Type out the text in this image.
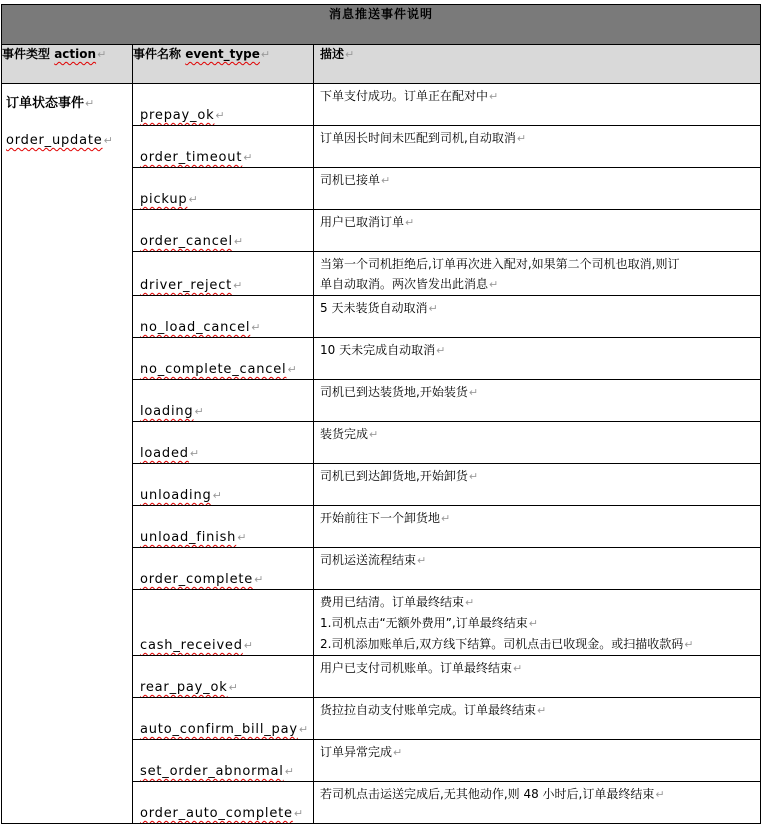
消息推送事件说明		
事件类型 action↵	事件名称 event_type↵	描述↵

订单状态事件↵
order_update↵	prepay_ok↵	下单支付成功。订单正在配对中↵

	order_timeout↵	订单因长时间未匹配到司机,自动取消↵

	pickup↵	司机已接单↵

	order_cancel↵	用户已取消订单↵

	driver_reject↵	当第一个司机拒绝后,订单再次进入配对,如果第二个司机也取消,则订
单自动取消。两次皆发出此消息↵

	no_load_cancel↵	5 天未装货自动取消↵

	no_complete_cancel↵	10 天未完成自动取消↵

	loading↵	司机已到达装货地,开始装货↵

	loaded↵	装货完成↵

	unloading↵	司机已到达卸货地,开始卸货↵

	unload_finish↵	开始前往下一个卸货地↵

	order_complete↵	司机运送流程结束↵

	cash_received↵	费用已结清。订单最终结束↵
1.司机点击“无额外费用”,订单最终结束↵
2.司机添加账单后,双方线下结算。司机点击已收现金。或扫描收款码↵

	rear_pay_ok↵	用户已支付司机账单。订单最终结束↵

	auto_confirm_bill_pay↵	货拉拉自动支付账单完成。订单最终结束↵

	set_order_abnormal↵	订单异常完成↵

	order_auto_complete↵	若司机点击运送完成后,无其他动作,则 48 小时后,订单最终结束↵
